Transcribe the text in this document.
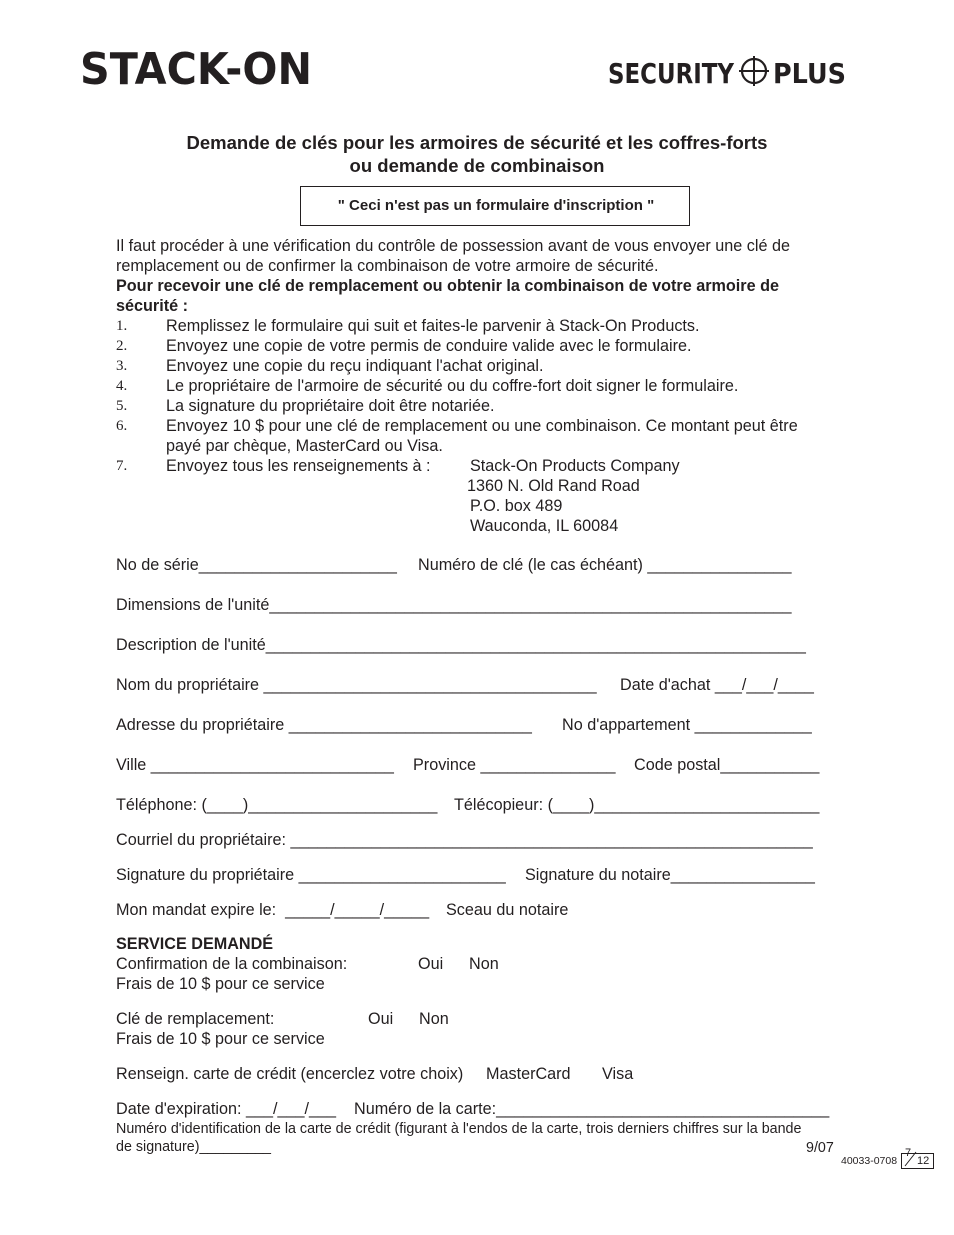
STACK-ON	SECURITY PLUS
Demande de clés pour les armoires de sécurité et les coffres-forts
ou demande de combinaison
" Ceci n'est pas un formulaire d'inscription "
Il faut procéder à une vérification du contrôle de possession avant de vous envoyer une clé de
remplacement ou de confirmer la combinaison de votre armoire de sécurité.
Pour recevoir une clé de remplacement ou obtenir la combinaison de votre armoire de
sécurité :
1. Remplissez le formulaire qui suit et faites-le parvenir à Stack-On Products.
2. Envoyez une copie de votre permis de conduire valide avec le formulaire.
3. Envoyez une copie du reçu indiquant l'achat original.
4. Le propriétaire de l'armoire de sécurité ou du coffre-fort doit signer le formulaire.
5. La signature du propriétaire doit être notariée.
6. Envoyez 10 $ pour une clé de remplacement ou une combinaison. Ce montant peut être
payé par chèque, MasterCard ou Visa.
7. Envoyez tous les renseignements à : Stack-On Products Company
1360 N. Old Rand Road
P.O. box 489
Wauconda, IL 60084
No de série______________________ Numéro de clé (le cas échéant) ________________
Dimensions de l'unité__________________________________________________________
Description de l'unité____________________________________________________________
Nom du propriétaire _____________________________________ Date d'achat ___/___/____
Adresse du propriétaire ___________________________ No d'appartement _____________
Ville ___________________________ Province _______________ Code postal___________
Téléphone: (____)_____________________ Télécopieur: (____)_________________________
Courriel du propriétaire: __________________________________________________________
Signature du propriétaire _______________________ Signature du notaire________________
Mon mandat expire le:  _____/_____/_____ Sceau du notaire
SERVICE DEMANDÉ
Confirmation de la combinaison:	Oui Non
Frais de 10 $ pour ce service
Clé de remplacement:	Oui Non
Frais de 10 $ pour ce service
Renseign. carte de crédit (encerclez votre choix) MasterCard Visa
Date d'expiration: ___/___/___ Numéro de la carte:_____________________________________
Numéro d'identification de la carte de crédit (figurant à l'endos de la carte, trois derniers chiffres sur la bande
de signature)_________	9/07
40033-0708
7
12
